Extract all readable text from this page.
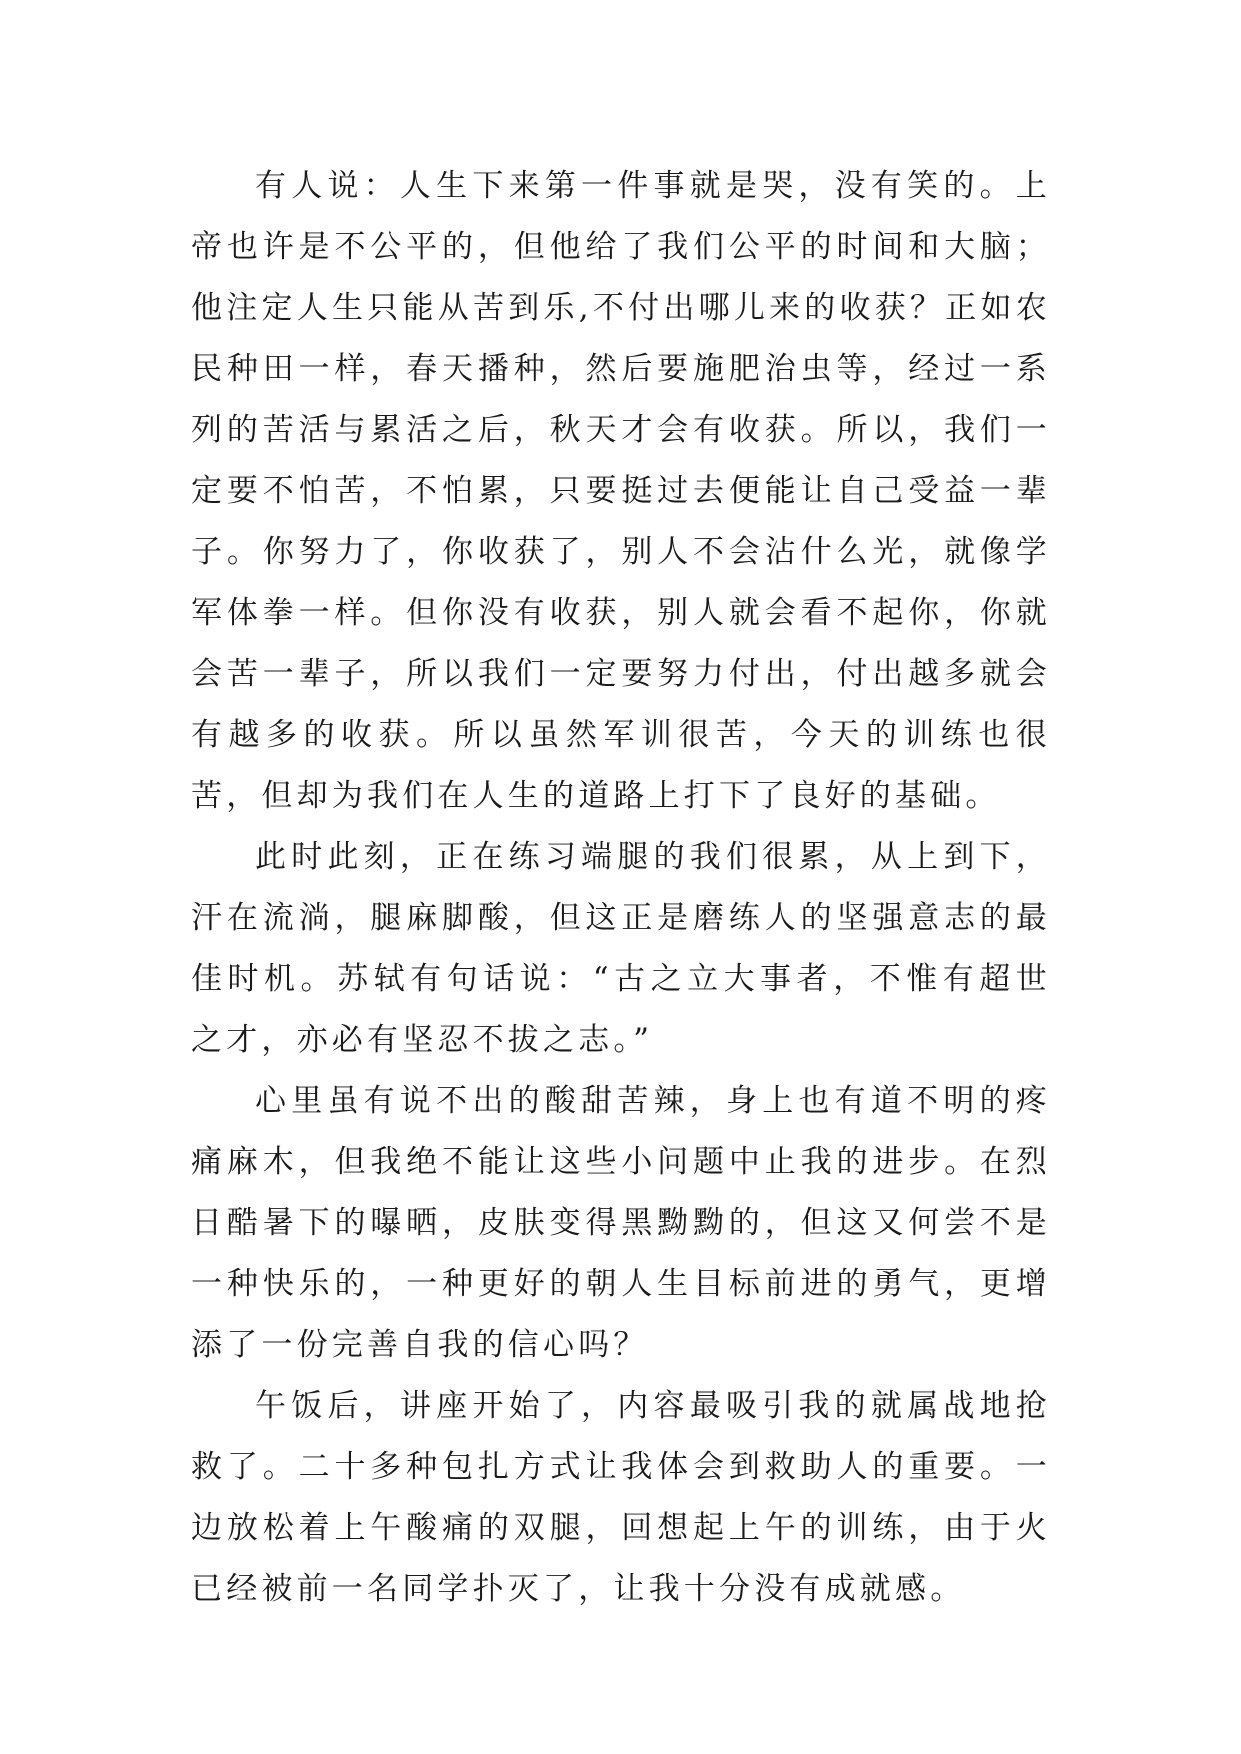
有人说：人生下来第一件事就是哭，没有笑的。上帝也许是不公平的，但他给了我们公平的时间和大脑；他注定人生只能从苦到乐,不付出哪儿来的收获？正如农民种田一样，春天播种，然后要施肥治虫等，经过一系列的苦活与累活之后，秋天才会有收获。所以，我们一定要不怕苦，不怕累，只要挺过去便能让自己受益一辈子。你努力了，你收获了，别人不会沾什么光，就像学军体拳一样。但你没有收获，别人就会看不起你，你就会苦一辈子，所以我们一定要努力付出，付出越多就会有越多的收获。所以虽然军训很苦，今天的训练也很苦，但却为我们在人生的道路上打下了良好的基础。

此时此刻，正在练习端腿的我们很累，从上到下，汗在流淌，腿麻脚酸，但这正是磨练人的坚强意志的最佳时机。苏轼有句话说：“古之立大事者，不惟有超世之才，亦必有坚忍不拔之志。”

心里虽有说不出的酸甜苦辣，身上也有道不明的疼痛麻木，但我绝不能让这些小问题中止我的进步。在烈日酷暑下的曝晒，皮肤变得黑黝黝的，但这又何尝不是一种快乐的，一种更好的朝人生目标前进的勇气，更增添了一份完善自我的信心吗？

午饭后，讲座开始了，内容最吸引我的就属战地抢救了。二十多种包扎方式让我体会到救助人的重要。一边放松着上午酸痛的双腿，回想起上午的训练，由于火已经被前一名同学扑灭了，让我十分没有成就感。
